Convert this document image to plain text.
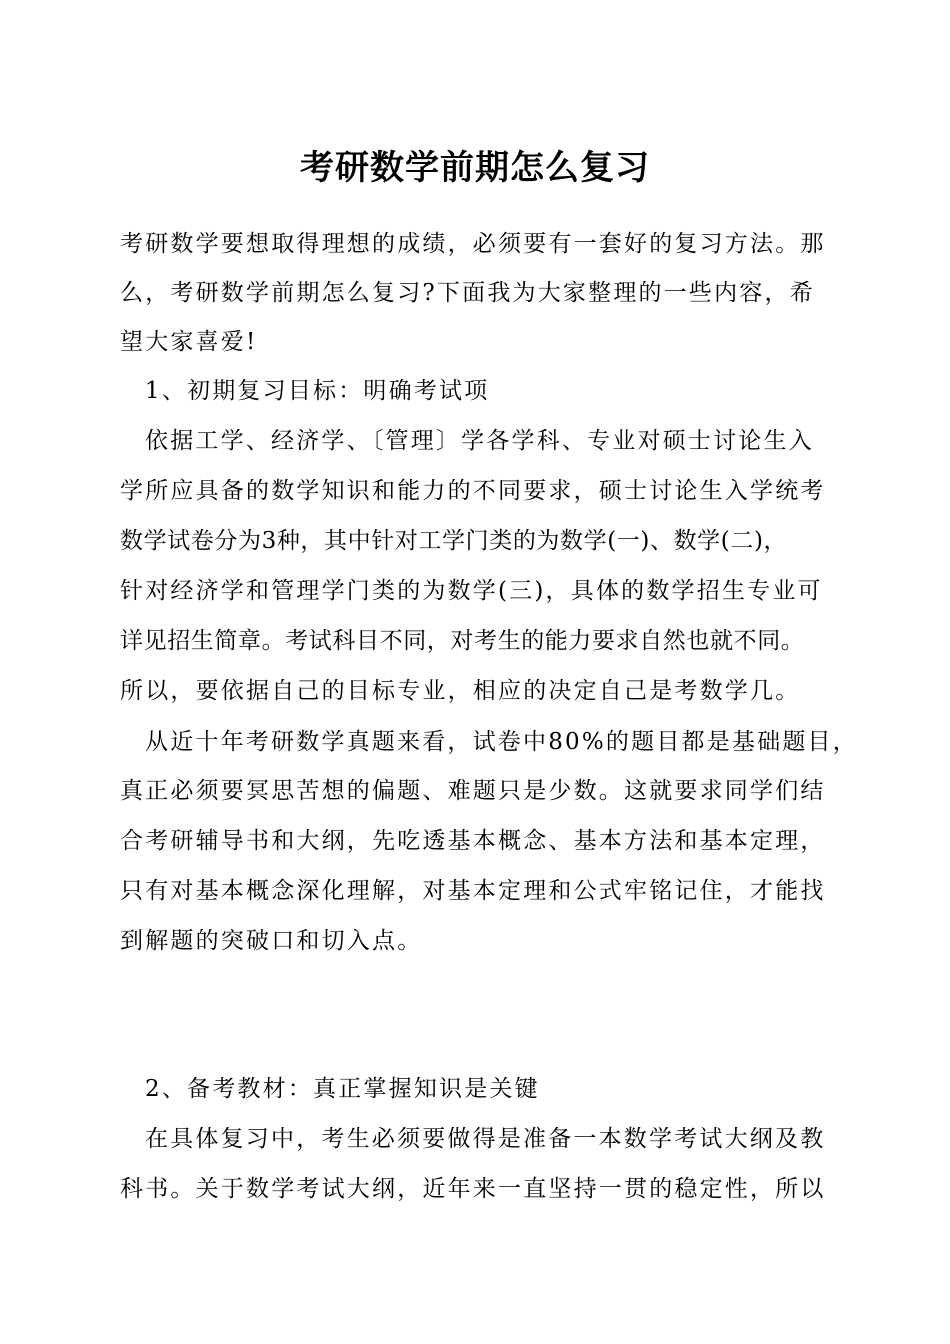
考研数学前期怎么复习
考研数学要想取得理想的成绩，必须要有一套好的复习方法。那
么，考研数学前期怎么复习?下面我为大家整理的一些内容，希
望大家喜爱!
1、初期复习目标：明确考试项
依据工学、经济学、〔管理〕学各学科、专业对硕士讨论生入
学所应具备的数学知识和能力的不同要求，硕士讨论生入学统考
数学试卷分为3种，其中针对工学门类的为数学(一)、数学(二)，
针对经济学和管理学门类的为数学(三)，具体的数学招生专业可
详见招生简章。考试科目不同，对考生的能力要求自然也就不同。
所以，要依据自己的目标专业，相应的决定自己是考数学几。
从近十年考研数学真题来看，试卷中80%的题目都是基础题目，
真正必须要冥思苦想的偏题、难题只是少数。这就要求同学们结
合考研辅导书和大纲，先吃透基本概念、基本方法和基本定理，
只有对基本概念深化理解，对基本定理和公式牢铭记住，才能找
到解题的突破口和切入点。
2、备考教材：真正掌握知识是关键
在具体复习中，考生必须要做得是准备一本数学考试大纲及教
科书。关于数学考试大纲，近年来一直坚持一贯的稳定性，所以
